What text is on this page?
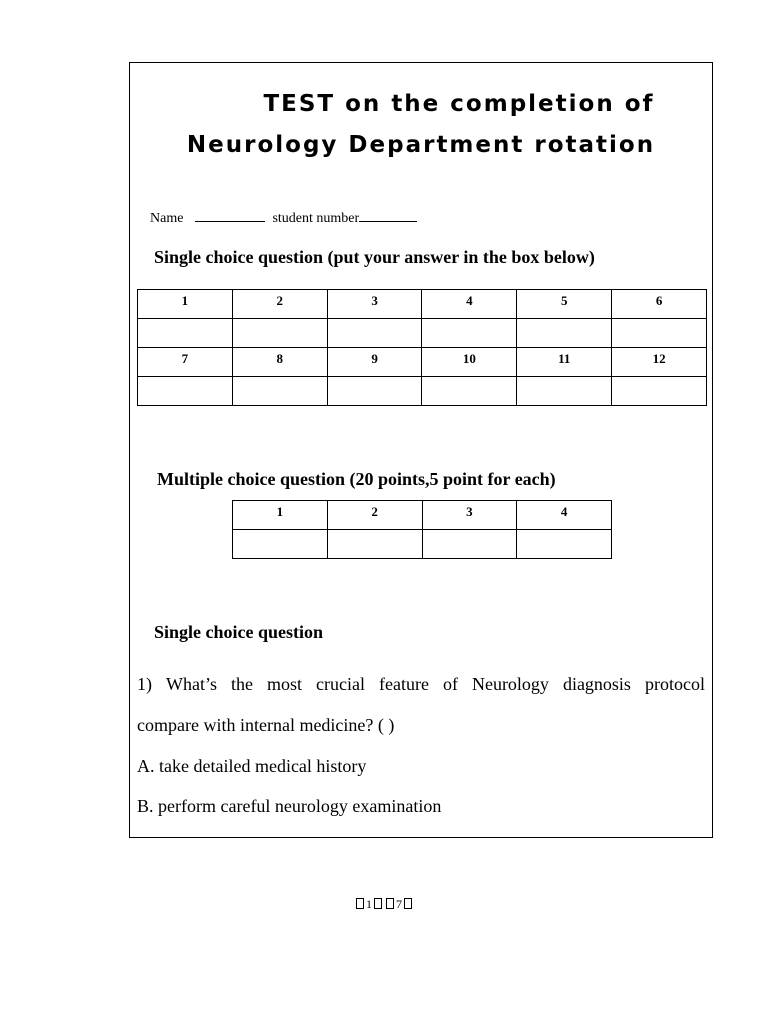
TEST on the completion of
Neurology Department rotation
Name	student number
Single choice question (put your answer in the box below)
1	2	3	4	5	6

7	8	9	10	11	12

Multiple choice question (20 points,5 point for each)
1	2	3	4

Single choice question
1) What’s the most crucial feature of Neurology diagnosis protocol
compare with internal medicine? ( )
A. take detailed medical history
B. perform careful neurology examination
1 7
